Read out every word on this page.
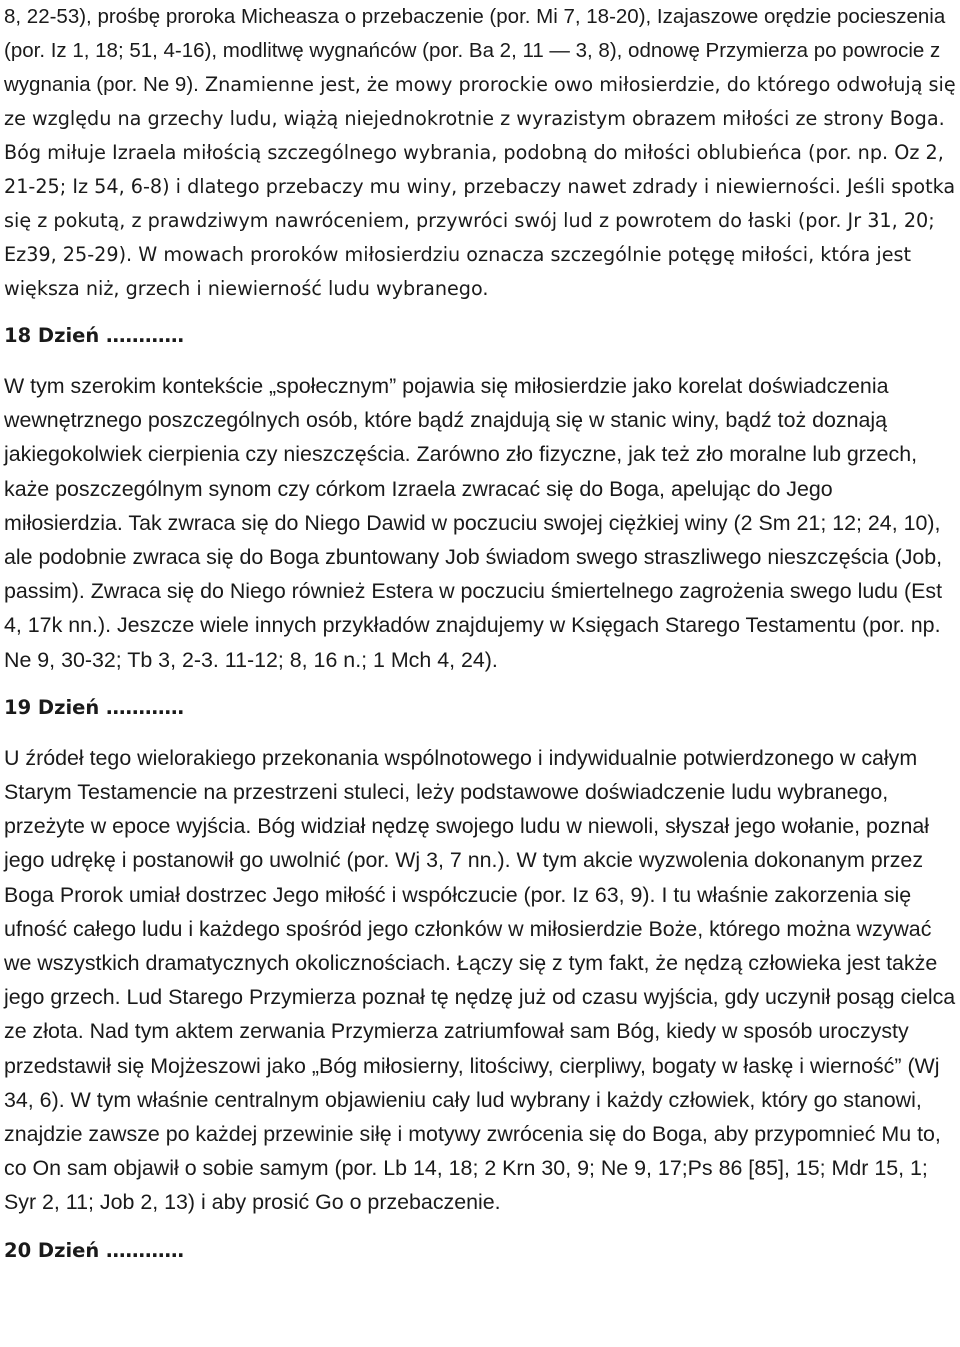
8, 22-53), prośbę proroka Micheasza o przebaczenie (por. Mi 7, 18-20), Izajaszowe orędzie pocieszenia (por. Iz 1, 18; 51, 4-16), modlitwę wygnańców (por. Ba 2, 11 — 3, 8), odnowę Przymierza po powrocie z wygnania (por. Ne 9). Znamienne jest, że mowy prorockie owo miłosierdzie, do którego odwołują się ze względu na grzechy ludu, wiążą niejednokrotnie z wyrazistym obrazem miłości ze strony Boga. Bóg miłuje Izraela miłością szczególnego wybrania, podobną do miłości oblubieńca (por. np. Oz 2, 21-25; Iz 54, 6-8) i dlatego przebaczy mu winy, przebaczy nawet zdrady i niewierności. Jeśli spotka się z pokutą, z prawdziwym nawróceniem, przywróci swój lud z powrotem do łaski (por. Jr 31, 20; Ez39, 25-29). W mowach proroków miłosierdziu oznacza szczególnie potęgę miłości, która jest większa niż, grzech i niewierność ludu wybranego.

18 Dzień …………

W tym szerokim kontekście „społecznym” pojawia się miłosierdzie jako korelat doświadczenia wewnętrznego poszczególnych osób, które bądź znajdują się w stanic winy, bądź toż doznają jakiegokolwiek cierpienia czy nieszczęścia. Zarówno zło fizyczne, jak też zło moralne lub grzech, każe poszczególnym synom czy córkom Izraela zwracać się do Boga, apelując do Jego miłosierdzia. Tak zwraca się do Niego Dawid w poczuciu swojej ciężkiej winy (2 Sm 21; 12; 24, 10), ale podobnie zwraca się do Boga zbuntowany Job świadom swego straszliwego nieszczęścia (Job, passim). Zwraca się do Niego również Estera w poczuciu śmiertelnego zagrożenia swego ludu (Est 4, 17k nn.). Jeszcze wiele innych przykładów znajdujemy w Księgach Starego Testamentu (por. np. Ne 9, 30-32; Tb 3, 2-3. 11-12; 8, 16 n.; 1 Mch 4, 24).

19 Dzień …………

U źródeł tego wielorakiego przekonania wspólnotowego i indywidualnie potwierdzonego w całym Starym Testamencie na przestrzeni stuleci, leży podstawowe doświadczenie ludu wybranego, przeżyte w epoce wyjścia. Bóg widział nędzę swojego ludu w niewoli, słyszał jego wołanie, poznał jego udrękę i postanowił go uwolnić (por. Wj 3, 7 nn.). W tym akcie wyzwolenia dokonanym przez Boga Prorok umiał dostrzec Jego miłość i współczucie (por. Iz 63, 9). I tu właśnie zakorzenia się ufność całego ludu i każdego spośród jego członków w miłosierdzie Boże, którego można wzywać we wszystkich dramatycznych okolicznościach. Łączy się z tym fakt, że nędzą człowieka jest także jego grzech. Lud Starego Przymierza poznał tę nędzę już od czasu wyjścia, gdy uczynił posąg cielca ze złota. Nad tym aktem zerwania Przymierza zatriumfował sam Bóg, kiedy w sposób uroczysty przedstawił się Mojżeszowi jako „Bóg miłosierny, litościwy, cierpliwy, bogaty w łaskę i wierność” (Wj 34, 6). W tym właśnie centralnym objawieniu cały lud wybrany i każdy człowiek, który go stanowi, znajdzie zawsze po każdej przewinie siłę i motywy zwrócenia się do Boga, aby przypomnieć Mu to, co On sam objawił o sobie samym (por. Lb 14, 18; 2 Krn 30, 9; Ne 9, 17;Ps 86 [85], 15; Mdr 15, 1; Syr 2, 11; Job 2, 13) i aby prosić Go o przebaczenie.

20 Dzień …………
